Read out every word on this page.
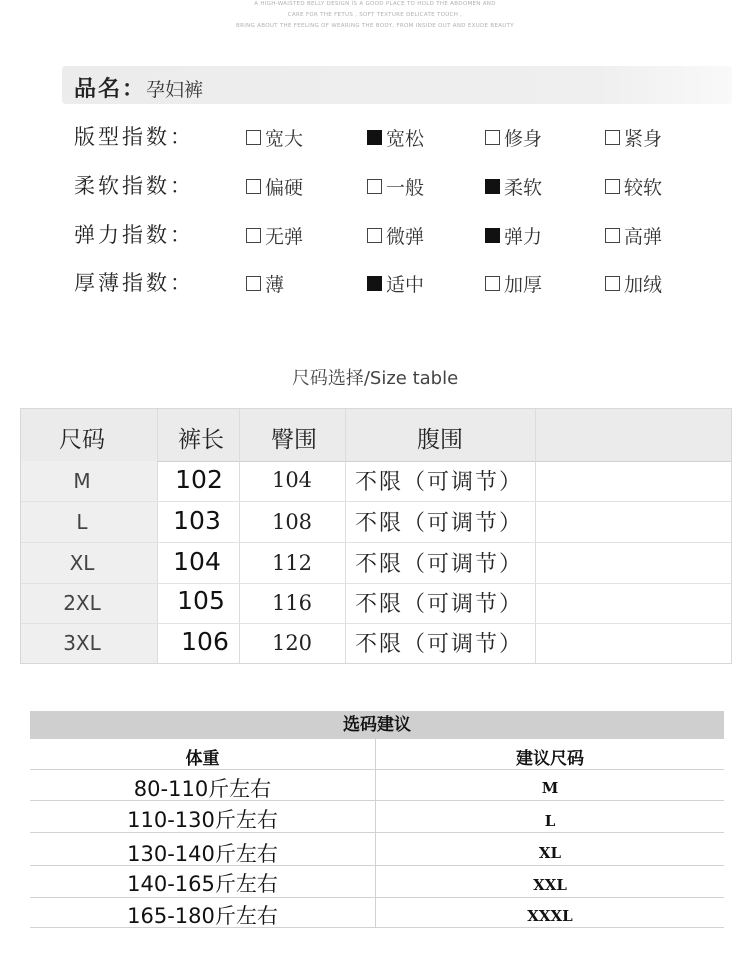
A HIGH-WAISTED BELLY DESIGN IS A GOOD PLACE TO HOLD THE ABDOMEN AND
CARE FOR THE FETUS , SOFT TEXTURE DELICATE TOUCH ,
BRING ABOUT THE FEELING OF WEARING THE BODY, FROM INSIDE OUT AND EXUDE BEAUTY
品名：孕妇裤
版型指数：	宽大	宽松	修身	紧身
柔软指数：	偏硬	一般	柔软	较软
弹力指数：	无弹	微弹	弹力	高弹
厚薄指数：	薄	适中	加厚	加绒
尺码选择/Size table
尺码	裤长	臀围	腹围
M	102	104	不限（可调节）
L	103	108	不限（可调节）
XL	104	112	不限（可调节）
2XL	105	116	不限（可调节）
3XL	106	120	不限（可调节）
选码建议
体重	建议尺码
80-110斤左右	M
110-130斤左右	L
130-140斤左右	XL
140-165斤左右	XXL
165-180斤左右	XXXL
